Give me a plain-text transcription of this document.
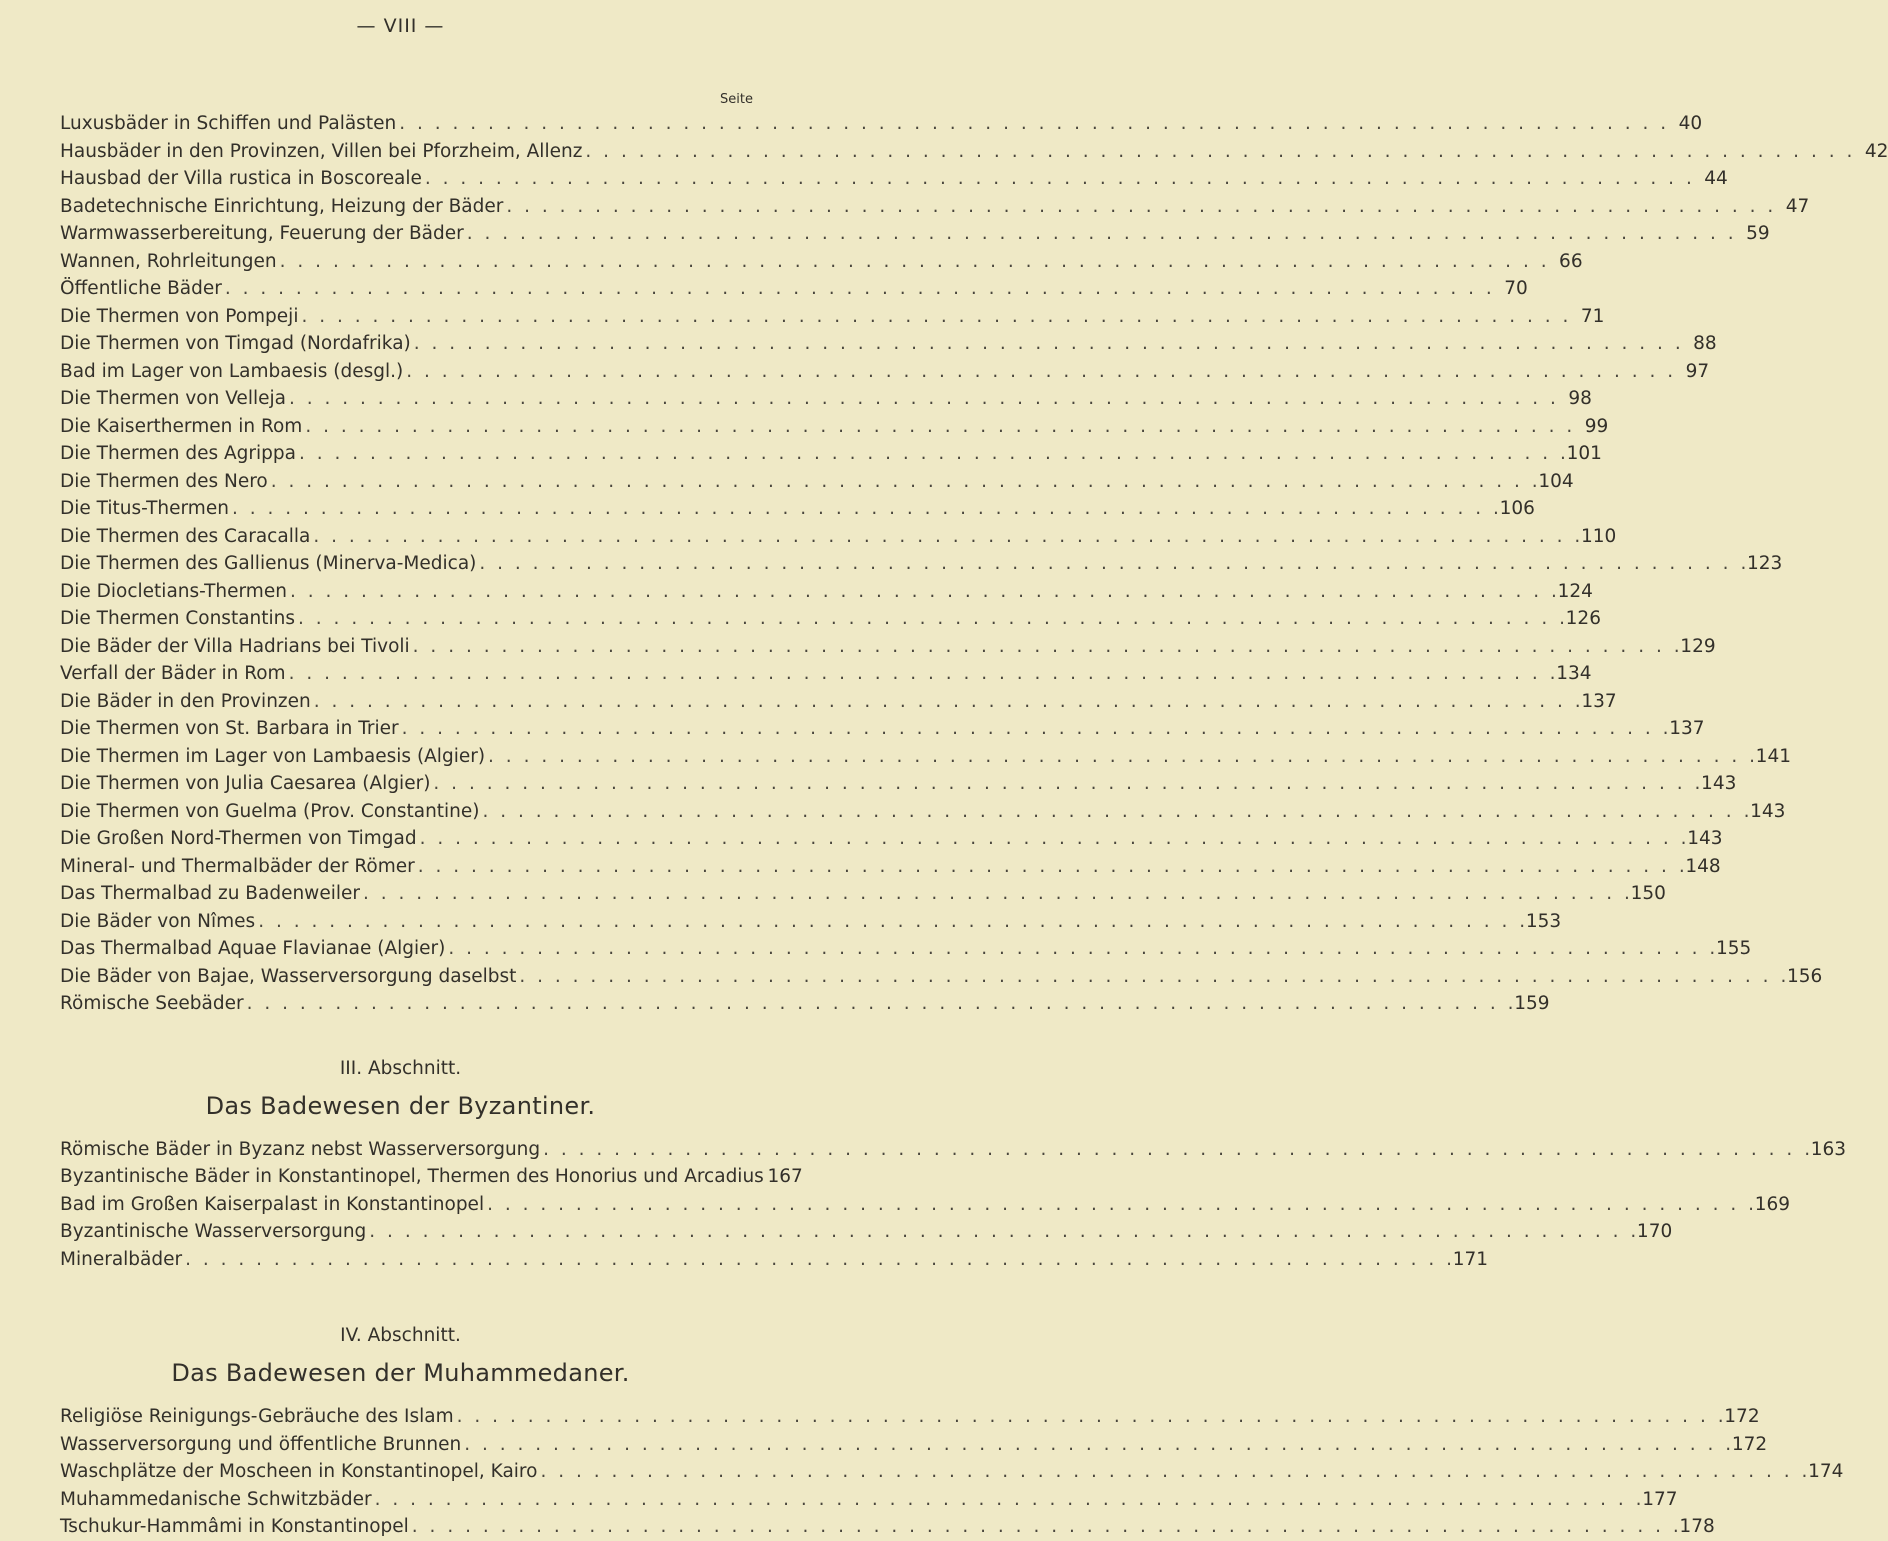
— VIII —
Seite
Luxusbäder in Schiffen und Palästen . . .	40
Hausbäder in den Provinzen, Villen bei Pforzheim, Allenz . . .	42
Hausbad der Villa rustica in Boscoreale . . .	44
Badetechnische Einrichtung, Heizung der Bäder . . .	47
Warmwasserbereitung, Feuerung der Bäder . . .	59
Wannen, Rohrleitungen . . .	66
Öffentliche Bäder . . .	70
Die Thermen von Pompeji . . .	71
Die Thermen von Timgad (Nordafrika) . . .	88
Bad im Lager von Lambaesis (desgl.) . . .	97
Die Thermen von Velleja . . .	98
Die Kaiserthermen in Rom . . .	99
Die Thermen des Agrippa . . .	101
Die Thermen des Nero . . .	104
Die Titus-Thermen . . .	106
Die Thermen des Caracalla . . .	110
Die Thermen des Gallienus (Minerva-Medica) . . .	123
Die Diocletians-Thermen . . .	124
Die Thermen Constantins . . .	126
Die Bäder der Villa Hadrians bei Tivoli . . .	129
Verfall der Bäder in Rom . . .	134
Die Bäder in den Provinzen . . .	137
Die Thermen von St. Barbara in Trier . . .	137
Die Thermen im Lager von Lambaesis (Algier) . . .	141
Die Thermen von Julia Caesarea (Algier) . . .	143
Die Thermen von Guelma (Prov. Constantine) . . .	143
Die Großen Nord-Thermen von Timgad . . .	143
Mineral- und Thermalbäder der Römer . . .	148
Das Thermalbad zu Badenweiler . . .	150
Die Bäder von Nîmes . . .	153
Das Thermalbad Aquae Flavianae (Algier) . . .	155
Die Bäder von Bajae, Wasserversorgung daselbst . . .	156
Römische Seebäder . . .	159
III. Abschnitt.
Das Badewesen der Byzantiner.
Römische Bäder in Byzanz nebst Wasserversorgung . . .	163
Byzantinische Bäder in Konstantinopel, Thermen des Honorius und Arcadius 167
Bad im Großen Kaiserpalast in Konstantinopel . . .	169
Byzantinische Wasserversorgung . . .	170
Mineralbäder . . .	171
IV. Abschnitt.
Das Badewesen der Muhammedaner.
Religiöse Reinigungs-Gebräuche des Islam . . .	172
Wasserversorgung und öffentliche Brunnen . . .	172
Waschplätze der Moscheen in Konstantinopel, Kairo . . .	174
Muhammedanische Schwitzbäder . . .	177
Tschukur-Hammâmi in Konstantinopel . . .	178
